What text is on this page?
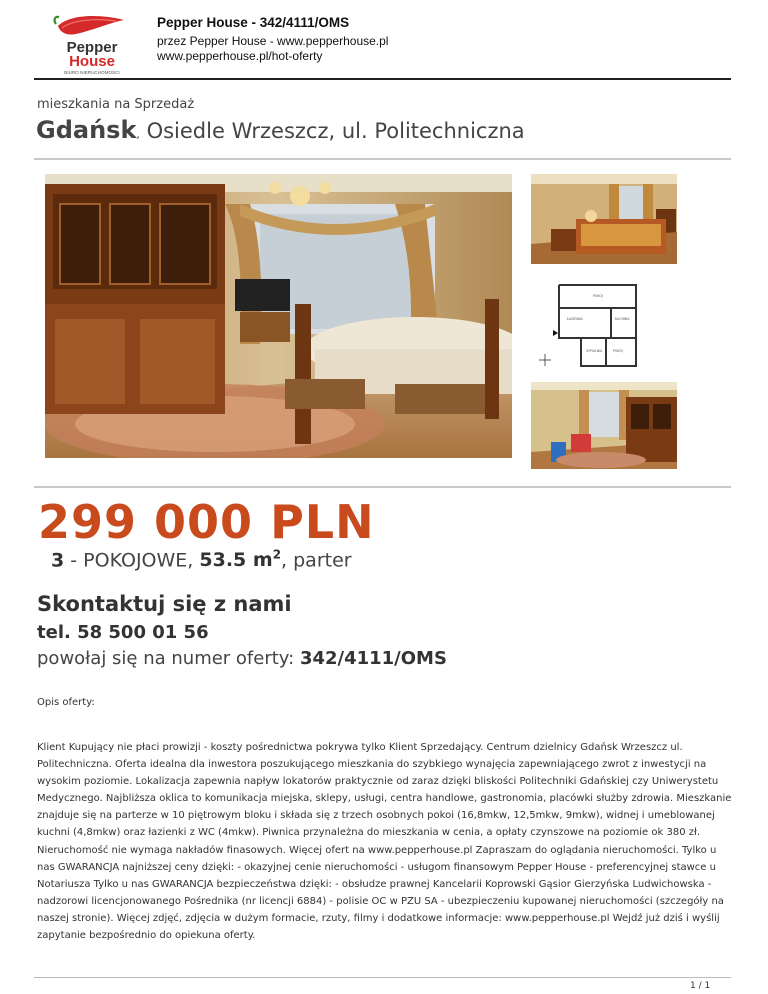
Pepper
House
BIURO NIERUCHOMOŚCI
Pepper House - 342/4111/OMS
przez Pepper House - www.pepperhouse.pl
www.pepperhouse.pl/hot-oferty
mieszkania na Sprzedaż
Gdańsk, Osiedle Wrzeszcz, ul. Politechniczna
POKÓJ
ŁAZIENKA	KUCHNIA
SYPIALNIA	POKÓJ
299 000 PLN
3 - POKOJOWE, 53.5 $m^2$, parter
Skontaktuj się z nami
tel. 58 500 01 56
powołaj się na numer oferty: 342/4111/OMS
Opis oferty:
Klient Kupujący nie płaci prowizji - koszty pośrednictwa pokrywa tylko Klient Sprzedający. Centrum dzielnicy Gdańsk Wrzeszcz ul. Politechniczna. Oferta idealna dla inwestora poszukującego mieszkania do szybkiego wynajęcia zapewniającego zwrot z inwestycji na wysokim poziomie. Lokalizacja zapewnia napływ lokatorów praktycznie od zaraz dzięki bliskości Politechniki Gdańskiej czy Uniwerystetu Medycznego. Najbliższa oklica to komunikacja miejska, sklepy, usługi, centra handlowe, gastronomia, placówki służby zdrowia. Mieszkanie znajduje się na parterze w 10 piętrowym bloku i składa się z trzech osobnych pokoi (16,8mkw, 12,5mkw, 9mkw), widnej i umeblowanej kuchni (4,8mkw) oraz łazienki z WC (4mkw). Piwnica przynależna do mieszkania w cenia, a opłaty czynszowe na poziomie ok 380 zł. Nieruchomość nie wymaga nakładów finasowych. Więcej ofert na www.pepperhouse.pl Zapraszam do oglądania nieruchomości. Tylko u nas GWARANCJA najniższej ceny dzięki: - okazyjnej cenie nieruchomości - usługom finansowym Pepper House - preferencyjnej stawce u Notariusza Tylko u nas GWARANCJA bezpieczeństwa dzięki: - obsłudze prawnej Kancelarii Koprowski Gąsior Gierzyńska Ludwichowska - nadzorowi licencjonowanego Pośrednika (nr licencji 6884) - polisie OC w PZU SA - ubezpieczeniu kupowanej nieruchomości (szczegóły na naszej stronie). Więcej zdjęć, zdjęcia w dużym formacie, rzuty, filmy i dodatkowe informacje: www.pepperhouse.pl Wejdź już dziś i wyślij zapytanie bezpośrednio do opiekuna oferty.
1 / 1
